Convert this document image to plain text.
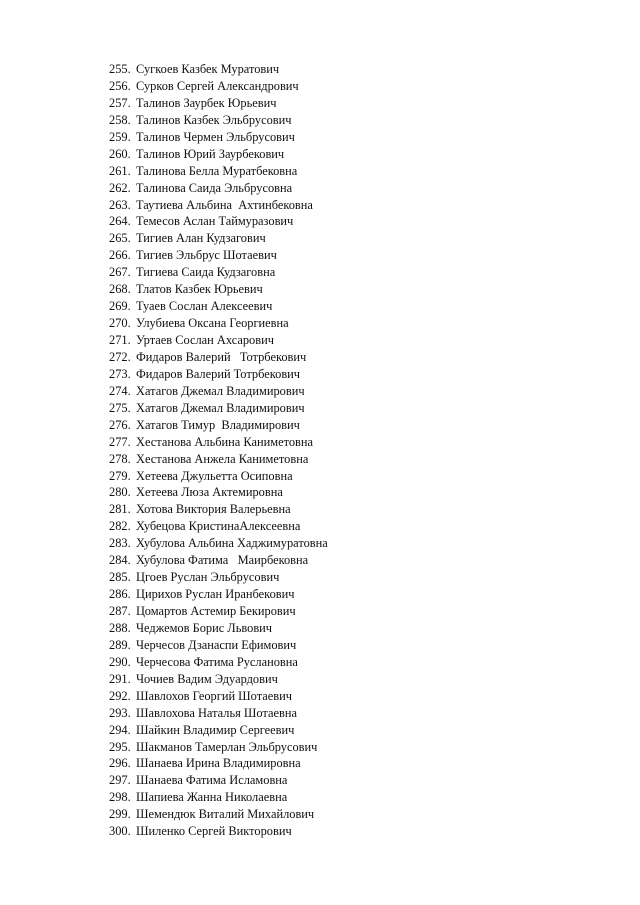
255. Сугкоев Казбек Муратович
256. Сурков Сергей Александрович
257. Талинов Заурбек Юрьевич
258. Талинов Казбек Эльбрусович
259. Талинов Чермен Эльбрусович
260. Талинов Юрий Заурбекович
261. Талинова Белла Муратбековна
262. Талинова Саида Эльбрусовна
263. Таутиева Альбина  Ахтинбековна
264. Темесов Аслан Таймуразович
265. Тигиев Алан Кудзагович
266. Тигиев Эльбрус Шотаевич
267. Тигиева Саида Кудзаговна
268. Тлатов Казбек Юрьевич
269. Туаев Сослан Алексеевич
270. Улубиева Оксана Георгиевна
271. Уртаев Сослан Ахсарович
272. Фидаров Валерий   Тотрбекович
273. Фидаров Валерий Тотрбекович
274. Хатагов Джемал Владимирович
275. Хатагов Джемал Владимирович
276. Хатагов Тимур  Владимирович
277. Хестанова Альбина Каниметовна
278. Хестанова Анжела Каниметовна
279. Хетеева Джульетта Осиповна
280. Хетеева Люза Актемировна
281. Хотова Виктория Валерьевна
282. Хубецова КристинаАлексеевна
283. Хубулова Альбина Хаджимуратовна
284. Хубулова Фатима   Маирбековна
285. Цгоев Руслан Эльбрусович
286. Цирихов Руслан Иранбекович
287. Цомартов Астемир Бекирович
288. Чеджемов Борис Львович
289. Черчесов Дзанаспи Ефимович
290. Черчесова Фатима Руслановна
291. Чочиев Вадим Эдуардович
292. Шавлохов Георгий Шотаевич
293. Шавлохова Наталья Шотаевна
294. Шайкин Владимир Сергеевич
295. Шакманов Тамерлан Эльбрусович
296. Шанаева Ирина Владимировна
297. Шанаева Фатима Исламовна
298. Шапиева Жанна Николаевна
299. Шемендюк Виталий Михайлович
300. Шиленко Сергей Викторович
